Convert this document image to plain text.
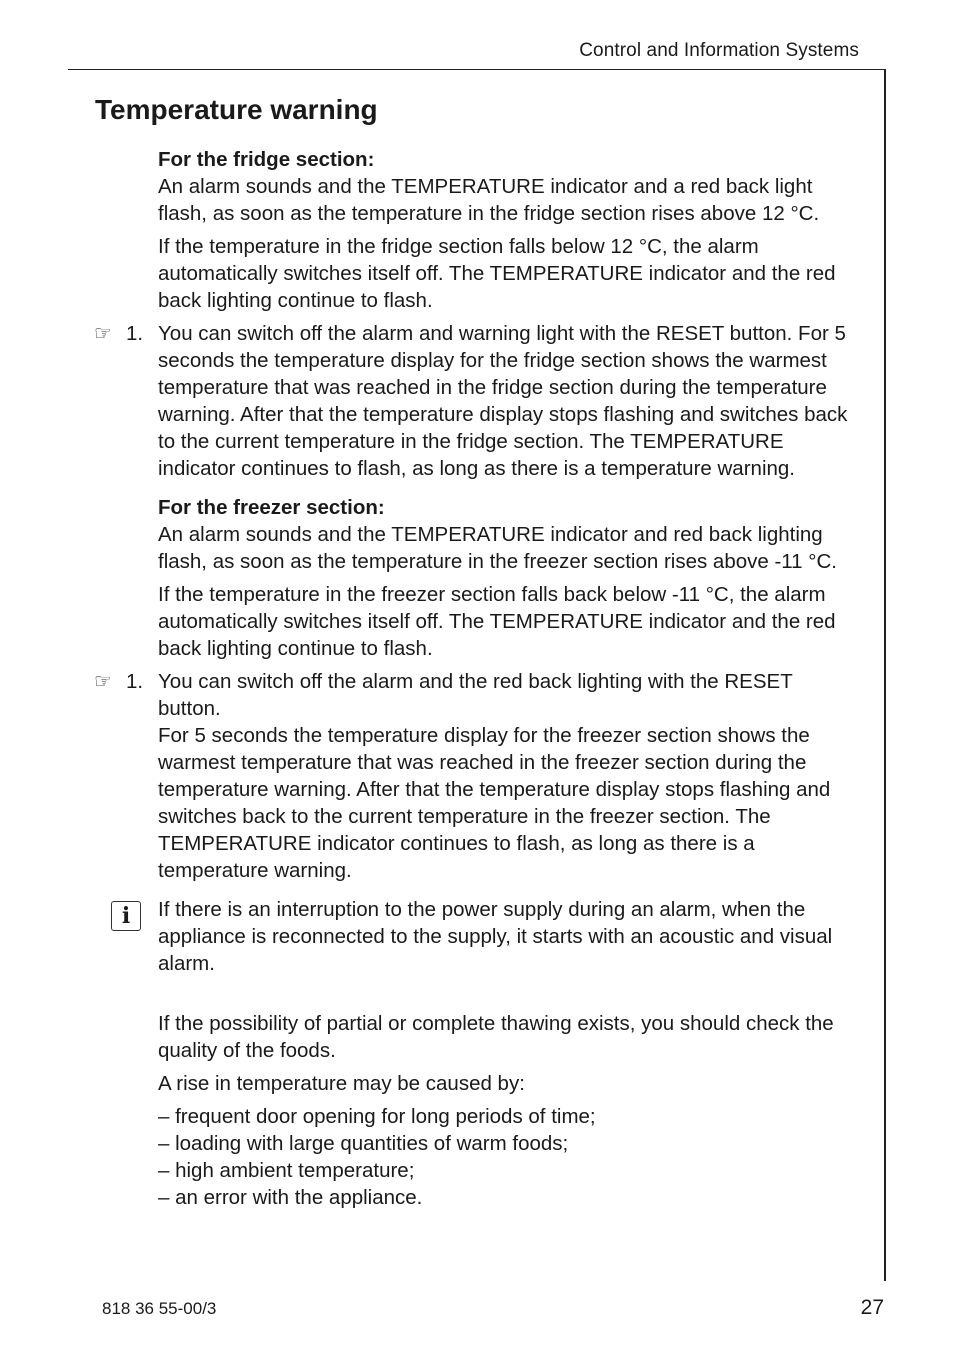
Control and Information Systems
Temperature warning

For the fridge section:

An alarm sounds and the TEMPERATURE indicator and a red back light flash, as soon as the temperature in the fridge section rises above 12 °C.

If the temperature in the fridge section falls below 12 °C, the alarm automatically switches itself off. The TEMPERATURE indicator and the red back lighting continue to flash.

☞ 1. You can switch off the alarm and warning light with the RESET button. For 5 seconds the temperature display for the fridge section shows the warmest temperature that was reached in the fridge section during the temperature warning. After that the temperature display stops flashing and switches back to the current temperature in the fridge section. The TEMPERATURE indicator continues to flash, as long as there is a temperature warning.

For the freezer section:

An alarm sounds and the TEMPERATURE indicator and red back lighting flash, as soon as the temperature in the freezer section rises above -11 °C.

If the temperature in the freezer section falls back below -11 °C, the alarm automatically switches itself off. The TEMPERATURE indicator and the red back lighting continue to flash.

☞ 1. You can switch off the alarm and the red back lighting with the RESET button.

For 5 seconds the temperature display for the freezer section shows the warmest temperature that was reached in the freezer section during the temperature warning. After that the temperature display stops flashing and switches back to the current temperature in the freezer section. The TEMPERATURE indicator continues to flash, as long as there is a temperature warning.

i	If there is an interruption to the power supply during an alarm, when the appliance is reconnected to the supply, it starts with an acoustic and visual alarm.

If the possibility of partial or complete thawing exists, you should check the quality of the foods.

A rise in temperature may be caused by:

– frequent door opening for long periods of time;

– loading with large quantities of warm foods;

– high ambient temperature;

– an error with the appliance.

818 36 55-00/3	27
